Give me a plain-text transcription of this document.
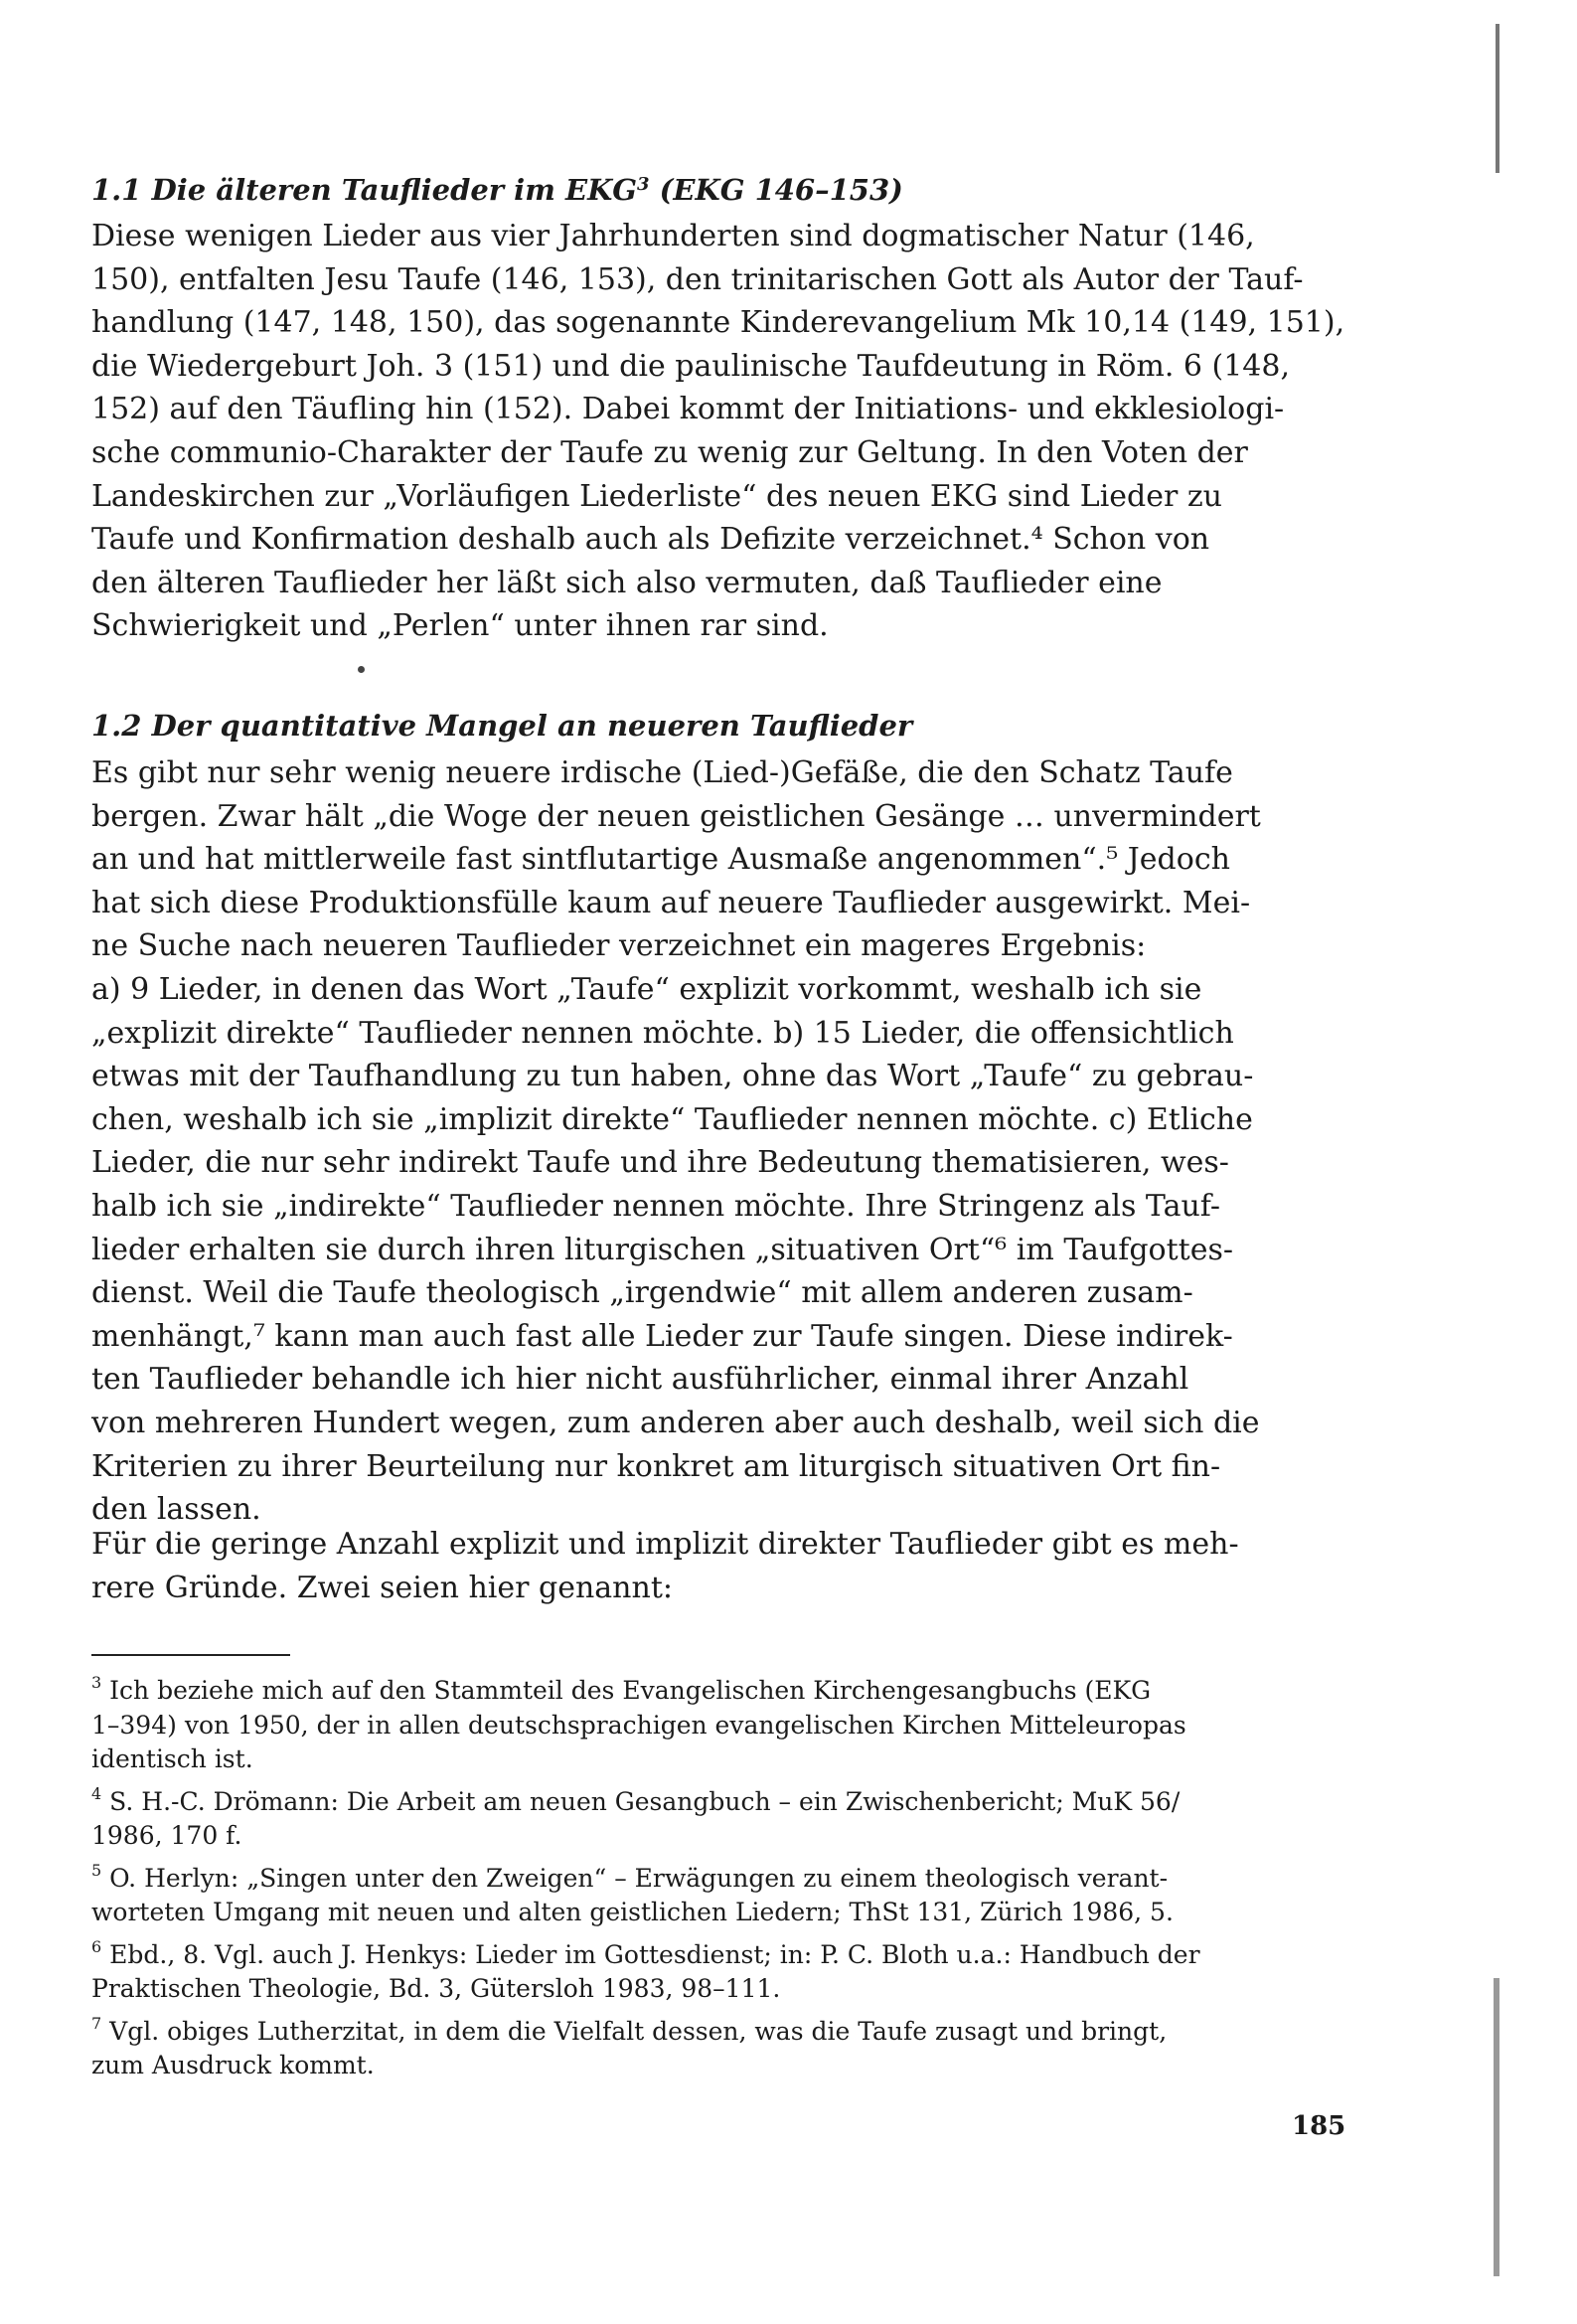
1.1 Die älteren Tauflieder im EKG$^3$ (EKG 146–153)

Diese wenigen Lieder aus vier Jahrhunderten sind dogmatischer Natur (146,
150), entfalten Jesu Taufe (146, 153), den trinitarischen Gott als Autor der Tauf-
handlung (147, 148, 150), das sogenannte Kinderevangelium Mk 10,14 (149, 151),
die Wiedergeburt Joh. 3 (151) und die paulinische Taufdeutung in Röm. 6 (148,
152) auf den Täufling hin (152). Dabei kommt der Initiations- und ekklesiologi-
sche communio-Charakter der Taufe zu wenig zur Geltung. In den Voten der
Landeskirchen zur „Vorläufigen Liederliste“ des neuen EKG sind Lieder zu
Taufe und Konfirmation deshalb auch als Defizite verzeichnet.⁴ Schon von
den älteren Tauflieder her läßt sich also vermuten, daß Tauflieder eine
Schwierigkeit und „Perlen“ unter ihnen rar sind.

1.2 Der quantitative Mangel an neueren Tauflieder

Es gibt nur sehr wenig neuere irdische (Lied-)Gefäße, die den Schatz Taufe
bergen. Zwar hält „die Woge der neuen geistlichen Gesänge … unvermindert
an und hat mittlerweile fast sintflutartige Ausmaße angenommen“.⁵ Jedoch
hat sich diese Produktionsfülle kaum auf neuere Tauflieder ausgewirkt. Mei-
ne Suche nach neueren Tauflieder verzeichnet ein mageres Ergebnis:
a) 9 Lieder, in denen das Wort „Taufe“ explizit vorkommt, weshalb ich sie
„explizit direkte“ Tauflieder nennen möchte. b) 15 Lieder, die offensichtlich
etwas mit der Taufhandlung zu tun haben, ohne das Wort „Taufe“ zu gebrau-
chen, weshalb ich sie „implizit direkte“ Tauflieder nennen möchte. c) Etliche
Lieder, die nur sehr indirekt Taufe und ihre Bedeutung thematisieren, wes-
halb ich sie „indirekte“ Tauflieder nennen möchte. Ihre Stringenz als Tauf-
lieder erhalten sie durch ihren liturgischen „situativen Ort“⁶ im Taufgottes-
dienst. Weil die Taufe theologisch „irgendwie“ mit allem anderen zusam-
menhängt,⁷ kann man auch fast alle Lieder zur Taufe singen. Diese indirek-
ten Tauflieder behandle ich hier nicht ausführlicher, einmal ihrer Anzahl
von mehreren Hundert wegen, zum anderen aber auch deshalb, weil sich die
Kriterien zu ihrer Beurteilung nur konkret am liturgisch situativen Ort fin-
den lassen.

Für die geringe Anzahl explizit und implizit direkter Tauflieder gibt es meh-
rere Gründe. Zwei seien hier genannt:

$^3$ Ich beziehe mich auf den Stammteil des Evangelischen Kirchengesangbuchs (EKG
1–394) von 1950, der in allen deutschsprachigen evangelischen Kirchen Mitteleuropas
identisch ist.

$^4$ S. H.-C. Drömann: Die Arbeit am neuen Gesangbuch – ein Zwischenbericht; MuK 56/
1986, 170 f.

$^5$ O. Herlyn: „Singen unter den Zweigen“ – Erwägungen zu einem theologisch verant-
worteten Umgang mit neuen und alten geistlichen Liedern; ThSt 131, Zürich 1986, 5.

$^6$ Ebd., 8. Vgl. auch J. Henkys: Lieder im Gottesdienst; in: P. C. Bloth u.a.: Handbuch der
Praktischen Theologie, Bd. 3, Gütersloh 1983, 98–111.

$^7$ Vgl. obiges Lutherzitat, in dem die Vielfalt dessen, was die Taufe zusagt und bringt,
zum Ausdruck kommt.

185
